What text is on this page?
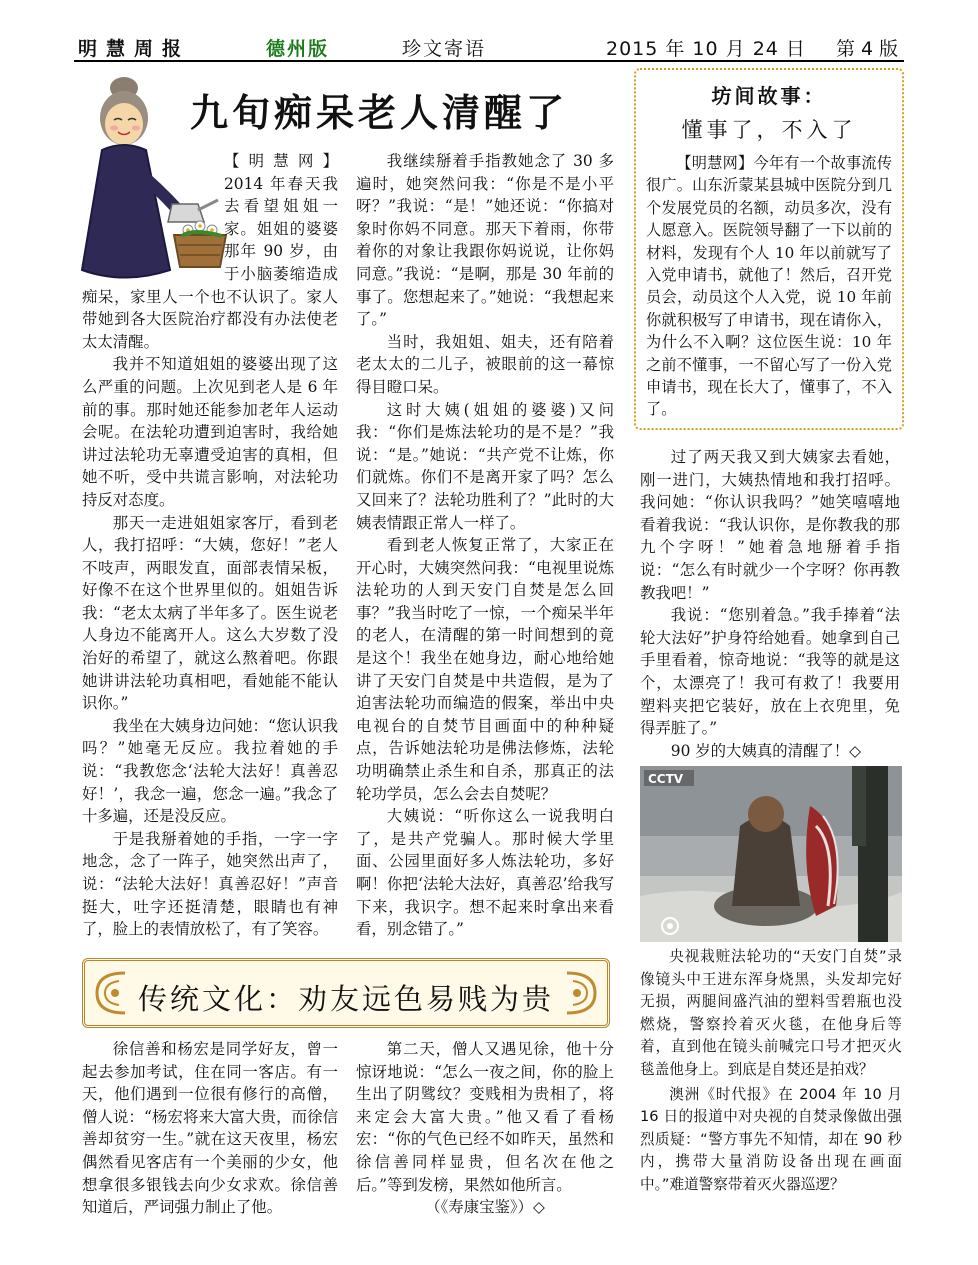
明慧周报	德州版	珍文寄语	2015 年 10 月 24 日 第 4 版
九旬痴呆老人清醒了

【明慧网】2014 年春天我去看望姐姐一家。姐姐的婆婆那年 90 岁，由于小脑萎缩造成痴呆，家里人一个也不认识了。家人带她到各大医院治疗都没有办法使老太太清醒。

我并不知道姐姐的婆婆出现了这么严重的问题。上次见到老人是 6 年前的事。那时她还能参加老年人运动会呢。在法轮功遭到迫害时，我给她讲过法轮功无辜遭受迫害的真相，但她不听，受中共谎言影响，对法轮功持反对态度。

那天一走进姐姐家客厅，看到老人，我打招呼：“大姨，您好！”老人不吱声，两眼发直，面部表情呆板，好像不在这个世界里似的。姐姐告诉我：“老太太病了半年多了。医生说老人身边不能离开人。这么大岁数了没治好的希望了，就这么熬着吧。你跟她讲讲法轮功真相吧，看她能不能认识你。”

我坐在大姨身边问她：“您认识我吗？”她毫无反应。我拉着她的手说：“我教您念‘法轮大法好！真善忍好！’，我念一遍，您念一遍。”我念了十多遍，还是没反应。

于是我掰着她的手指，一字一字地念，念了一阵子，她突然出声了，说：“法轮大法好！真善忍好！”声音挺大，吐字还挺清楚，眼睛也有神了，脸上的表情放松了，有了笑容。

我继续掰着手指教她念了 30 多遍时，她突然问我：“你是不是小平呀？”我说：“是！”她还说：“你搞对象时你妈不同意。那天下着雨，你带着你的对象让我跟你妈说说，让你妈同意。”我说：“是啊，那是 30 年前的事了。您想起来了。”她说：“我想起来了。”

当时，我姐姐、姐夫，还有陪着老太太的二儿子，被眼前的这一幕惊得目瞪口呆。

这时大姨(姐姐的婆婆)又问我：“你们是炼法轮功的是不是？”我说：“是。”她说：“共产党不让炼，你们就炼。你们不是离开家了吗？怎么又回来了？法轮功胜利了？”此时的大姨表情跟正常人一样了。

看到老人恢复正常了，大家正在开心时，大姨突然问我：“电视里说炼法轮功的人到天安门自焚是怎么回事？”我当时吃了一惊，一个痴呆半年的老人，在清醒的第一时间想到的竟是这个！我坐在她身边，耐心地给她讲了天安门自焚是中共造假，是为了迫害法轮功而编造的假案，举出中央电视台的自焚节目画面中的种种疑点，告诉她法轮功是佛法修炼，法轮功明确禁止杀生和自杀，那真正的法轮功学员，怎么会去自焚呢？

大姨说：“听你这么一说我明白了，是共产党骗人。那时候大学里面、公园里面好多人炼法轮功，多好啊！你把‘法轮大法好，真善忍’给我写下来，我识字。想不起来时拿出来看看，别念错了。”

坊间故事：
懂事了，不入了

【明慧网】今年有一个故事流传很广。山东沂蒙某县城中医院分到几个发展党员的名额，动员多次，没有人愿意入。医院领导翻了一下以前的材料，发现有个人 10 年以前就写了入党申请书，就他了！然后，召开党员会，动员这个人入党，说 10 年前你就积极写了申请书，现在请你入，为什么不入啊？这位医生说：10 年之前不懂事，一不留心写了一份入党申请书，现在长大了，懂事了，不入了。

过了两天我又到大姨家去看她，刚一进门，大姨热情地和我打招呼。我问她：“你认识我吗？”她笑嘻嘻地看着我说：“我认识你，是你教我的那九个字呀！”她着急地掰着手指说：“怎么有时就少一个字呀？你再教教我吧！”

我说：“您别着急。”我手捧着“法轮大法好”护身符给她看。她拿到自己手里看着，惊奇地说：“我等的就是这个，太漂亮了！我可有救了！我要用塑料夹把它装好，放在上衣兜里，免得弄脏了。”

90 岁的大姨真的清醒了！◇

CCTV

央视栽赃法轮功的“天安门自焚”录像镜头中王进东浑身烧黑，头发却完好无损，两腿间盛汽油的塑料雪碧瓶也没燃烧，警察拎着灭火毯，在他身后等着，直到他在镜头前喊完口号才把灭火毯盖他身上。到底是自焚还是拍戏？

澳洲《时代报》在 2004 年 10 月 16 日的报道中对央视的自焚录像做出强烈质疑：“警方事先不知情，却在 90 秒内，携带大量消防设备出现在画面中。”难道警察带着灭火器巡逻？

传统文化：劝友远色易贱为贵

徐信善和杨宏是同学好友，曾一起去参加考试，住在同一客店。有一天，他们遇到一位很有修行的高僧，僧人说：“杨宏将来大富大贵，而徐信善却贫穷一生。”就在这天夜里，杨宏偶然看见客店有一个美丽的少女，他想拿很多银钱去向少女求欢。徐信善知道后，严词强力制止了他。

第二天，僧人又遇见徐，他十分惊讶地说：“怎么一夜之间，你的脸上生出了阴骘纹？变贱相为贵相了，将来定会大富大贵。”他又看了看杨宏：“你的气色已经不如昨天，虽然和徐信善同样显贵，但名次在他之后。”等到发榜，果然如他所言。

（《寿康宝鉴》）◇
